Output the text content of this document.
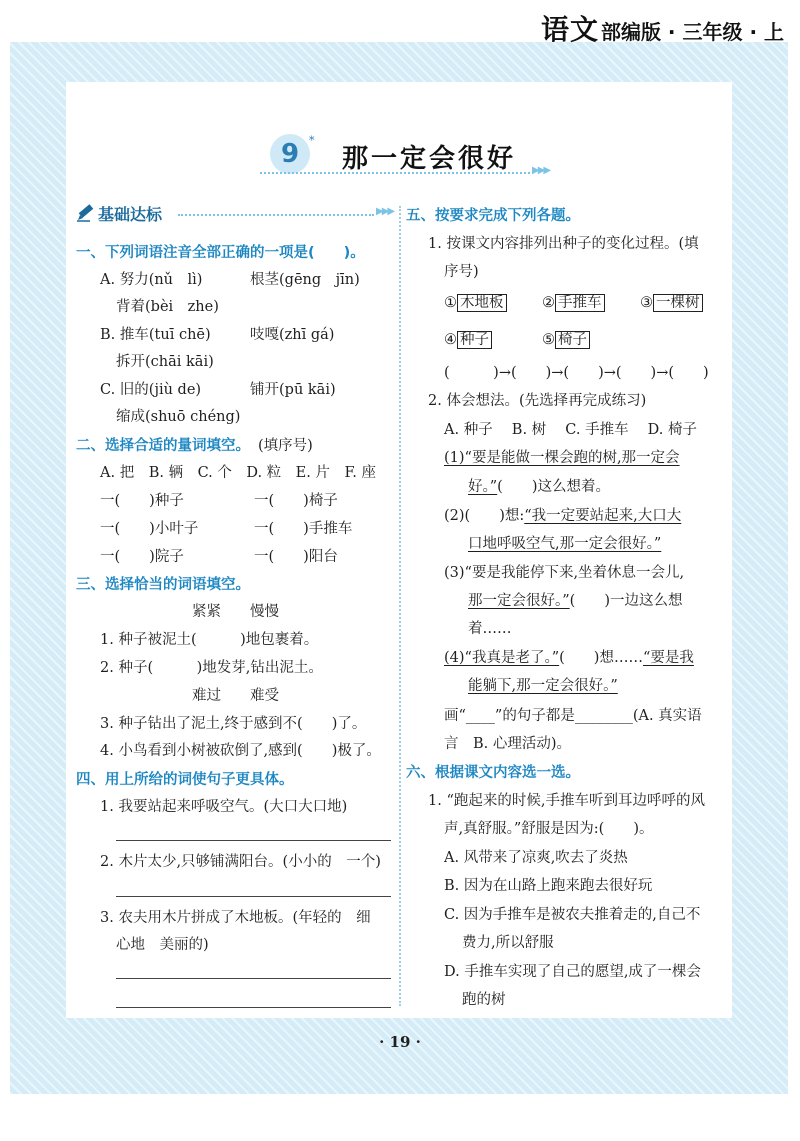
语文 部编版 · 三年级 · 上
9 *
那一定会很好 ▶▶▶
基础达标	▶▶▶
一、下列词语注音全部正确的一项是(　　)。
A. 努力(nǔ　lì)	根茎(gēng　jīn)
背着(bèi　zhe)
B. 推车(tuī chē)	吱嘎(zhī gá)
拆开(chāi kāi)
C. 旧的(jiù de)	铺开(pū kāi)
缩成(shuō chéng)
二、选择合适的量词填空。 (填序号)
A. 把　B. 辆　C. 个　D. 粒　E. 片　F. 座
一(　　)种子	一(　　)椅子
一(　　)小叶子	一(　　)手推车
一(　　)院子	一(　　)阳台
三、选择恰当的词语填空。
紧紧　　慢慢
1. 种子被泥土(　　　)地包裹着。
2. 种子(　　　)地发芽,钻出泥土。
难过　　难受
3. 种子钻出了泥土,终于感到不(　　)了。
4. 小鸟看到小树被砍倒了,感到(　　)极了。
四、用上所给的词使句子更具体。
1. 我要站起来呼吸空气。(大口大口地)
2. 木片太少,只够铺满阳台。(小小的　一个)
3. 农夫用木片拼成了木地板。(年轻的　细
心地　美丽的)
五、按要求完成下列各题。
1. 按课文内容排列出种子的变化过程。(填
序号)
① 木地板	② 手推车	③ 一棵树
④ 种子	⑤ 椅子
(　　　)→(　　)→(　　)→(　　)→(　　)
2. 体会想法。(先选择再完成练习)
A. 种子　 B. 树　 C. 手推车　 D. 椅子
(1)“要是能做一棵会跑的树,那一定会
好。”(　　)这么想着。
(2)(　　)想:“我一定要站起来,大口大
口地呼吸空气,那一定会很好。”
(3)“要是我能停下来,坐着休息一会儿,
那一定会很好。”(　　)一边这么想
着……
(4)“我真是老了。”(　　)想……“要是我
能躺下,那一定会很好。”
画“____”的句子都是________(A. 真实语
言　B. 心理活动)。
六、根据课文内容选一选。
1. “跑起来的时候,手推车听到耳边呼呼的风
声,真舒服。”舒服是因为:(　　)。
A. 风带来了凉爽,吹去了炎热
B. 因为在山路上跑来跑去很好玩
C. 因为手推车是被农夫推着走的,自己不
费力,所以舒服
D. 手推车实现了自己的愿望,成了一棵会
跑的树
· 19 ·
